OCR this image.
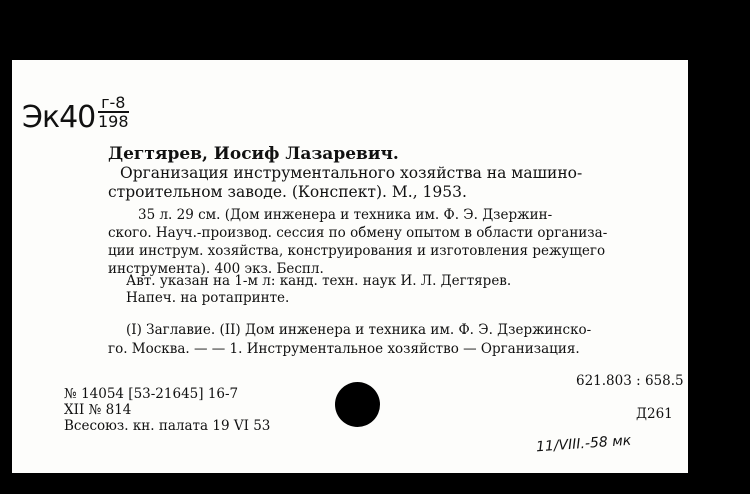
Эк40 г-8
198
Дегтярев, Иосиф Лазаревич.
Организация инструментального хозяйства на машино-
строительном заводе. (Конспект). М., 1953.
35 л. 29 см. (Дом инженера и техника им. Ф. Э. Дзержин-
ского. Науч.-производ. сессия по обмену опытом в области организа-
ции инструм. хозяйства, конструирования и изготовления режущего
инструмента). 400 экз. Беспл.
Авт. указан на 1-м л: канд. техн. наук И. Л. Дегтярев.
Напеч. на ротапринте.
(I) Заглавие. (II) Дом инженера и техника им. Ф. Э. Дзержинско-
го. Москва. — — 1. Инструментальное хозяйство — Организация.
№ 14054 [53-21645] 16-7
XII № 814
Всесоюз. кн. палата 19 VI 53
621.803 : 658.5
Д261
11/VIII.-58 мк
